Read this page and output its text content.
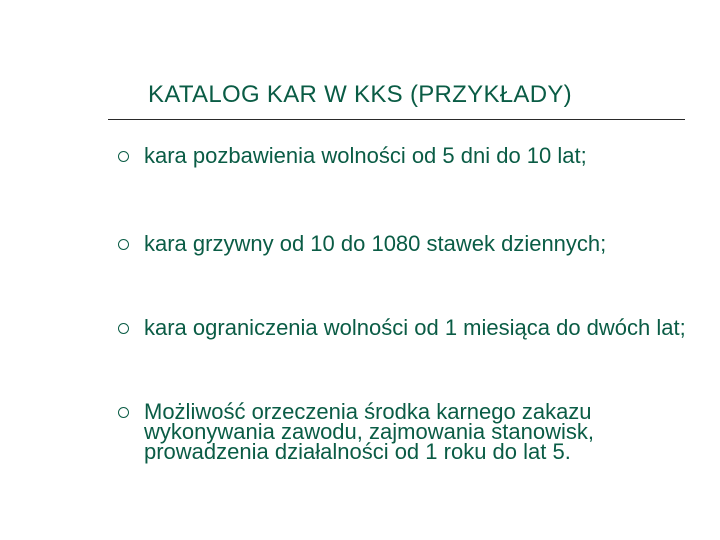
KATALOG KAR W KKS (PRZYKŁADY)
kara pozbawienia wolności od 5 dni do 10 lat;
kara grzywny od 10 do 1080 stawek dziennych;
kara ograniczenia wolności od 1 miesiąca do dwóch lat;
Możliwość orzeczenia środka karnego zakazu wykonywania zawodu, zajmowania stanowisk, prowadzenia działalności od 1 roku do lat 5.
